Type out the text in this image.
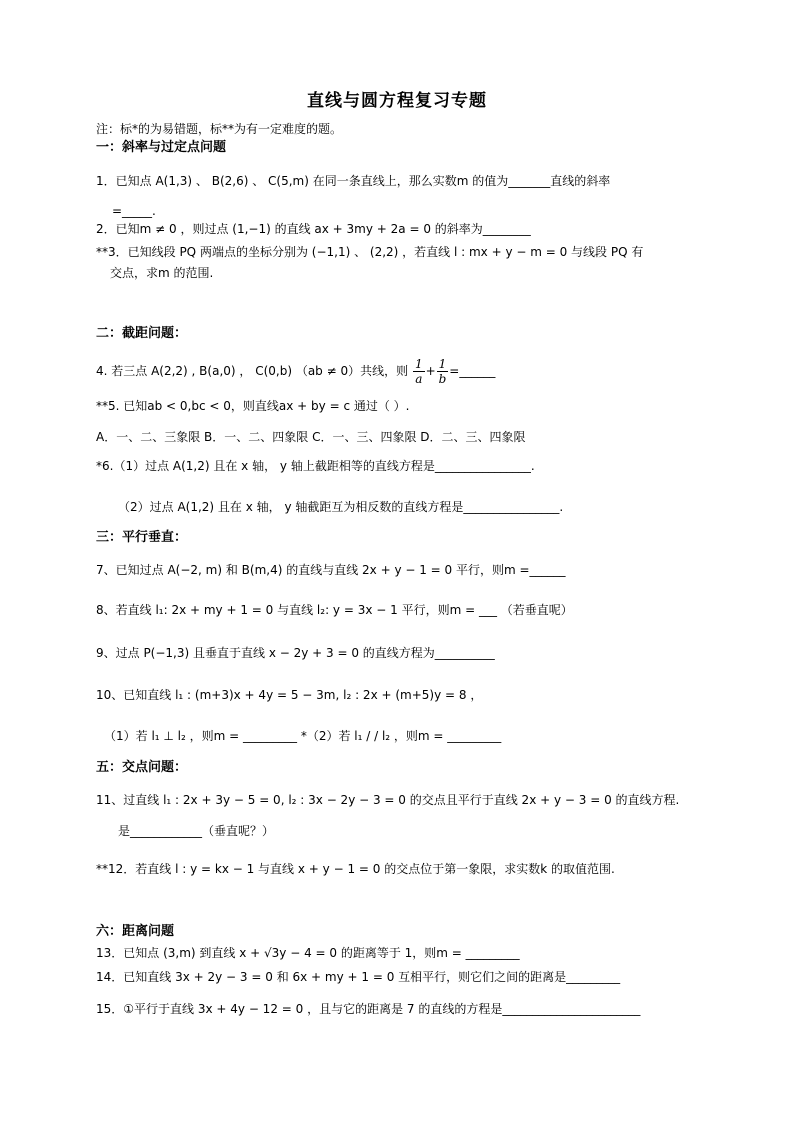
直线与圆方程复习专题
注：标*的为易错题，标**为有一定难度的题。
一：斜率与过定点问题
1．已知点 A(1,3) 、 B(2,6) 、 C(5,m) 在同一条直线上，那么实数m 的值为_______直线的斜率
=_____.
2．已知m ≠ 0 ，则过点 (1,−1) 的直线 ax + 3my + 2a = 0 的斜率为________
**3．已知线段 PQ 两端点的坐标分别为 (−1,1) 、 (2,2) ，若直线 l : mx + y − m = 0 与线段 PQ 有
交点，求m 的范围.
二：截距问题：
4. 若三点 A(2,2) , B(a,0) ， C(0,b) （ab ≠ 0）共线，则 $\frac{1}{a} + \frac{1}{b}$ =______
**5. 已知ab < 0,bc < 0，则直线ax + by = c 通过（ ）.
A．一、二、三象限 B．一、二、四象限 C．一、三、四象限 D．二、三、四象限
*6.（1）过点 A(1,2) 且在 x 轴， y 轴上截距相等的直线方程是________________.
（2）过点 A(1,2) 且在 x 轴， y 轴截距互为相反数的直线方程是________________.
三：平行垂直：
7、已知过点 A(−2, m) 和 B(m,4) 的直线与直线 2x + y − 1 = 0 平行，则m =______
8、若直线 l₁: 2x + my + 1 = 0 与直线 l₂: y = 3x − 1 平行，则m = ___ （若垂直呢）
9、过点 P(−1,3) 且垂直于直线 x − 2y + 3 = 0 的直线方程为__________
10、已知直线 l₁ : (m+3)x + 4y = 5 − 3m, l₂ : 2x + (m+5)y = 8 ，
（1）若 l₁ ⊥ l₂ ，则m = _________ *（2）若 l₁ / / l₂ ，则m = _________
五：交点问题：
11、过直线 l₁ : 2x + 3y − 5 = 0, l₂ : 3x − 2y − 3 = 0 的交点且平行于直线 2x + y − 3 = 0 的直线方程.
是____________（垂直呢？）
**12．若直线 l : y = kx − 1 与直线 x + y − 1 = 0 的交点位于第一象限，求实数k 的取值范围.
六：距离问题
13．已知点 (3,m) 到直线 x + √3y − 4 = 0 的距离等于 1，则m = _________
14．已知直线 3x + 2y − 3 = 0 和 6x + my + 1 = 0 互相平行，则它们之间的距离是_________
15．①平行于直线 3x + 4y − 12 = 0 ，且与它的距离是 7 的直线的方程是_______________________
